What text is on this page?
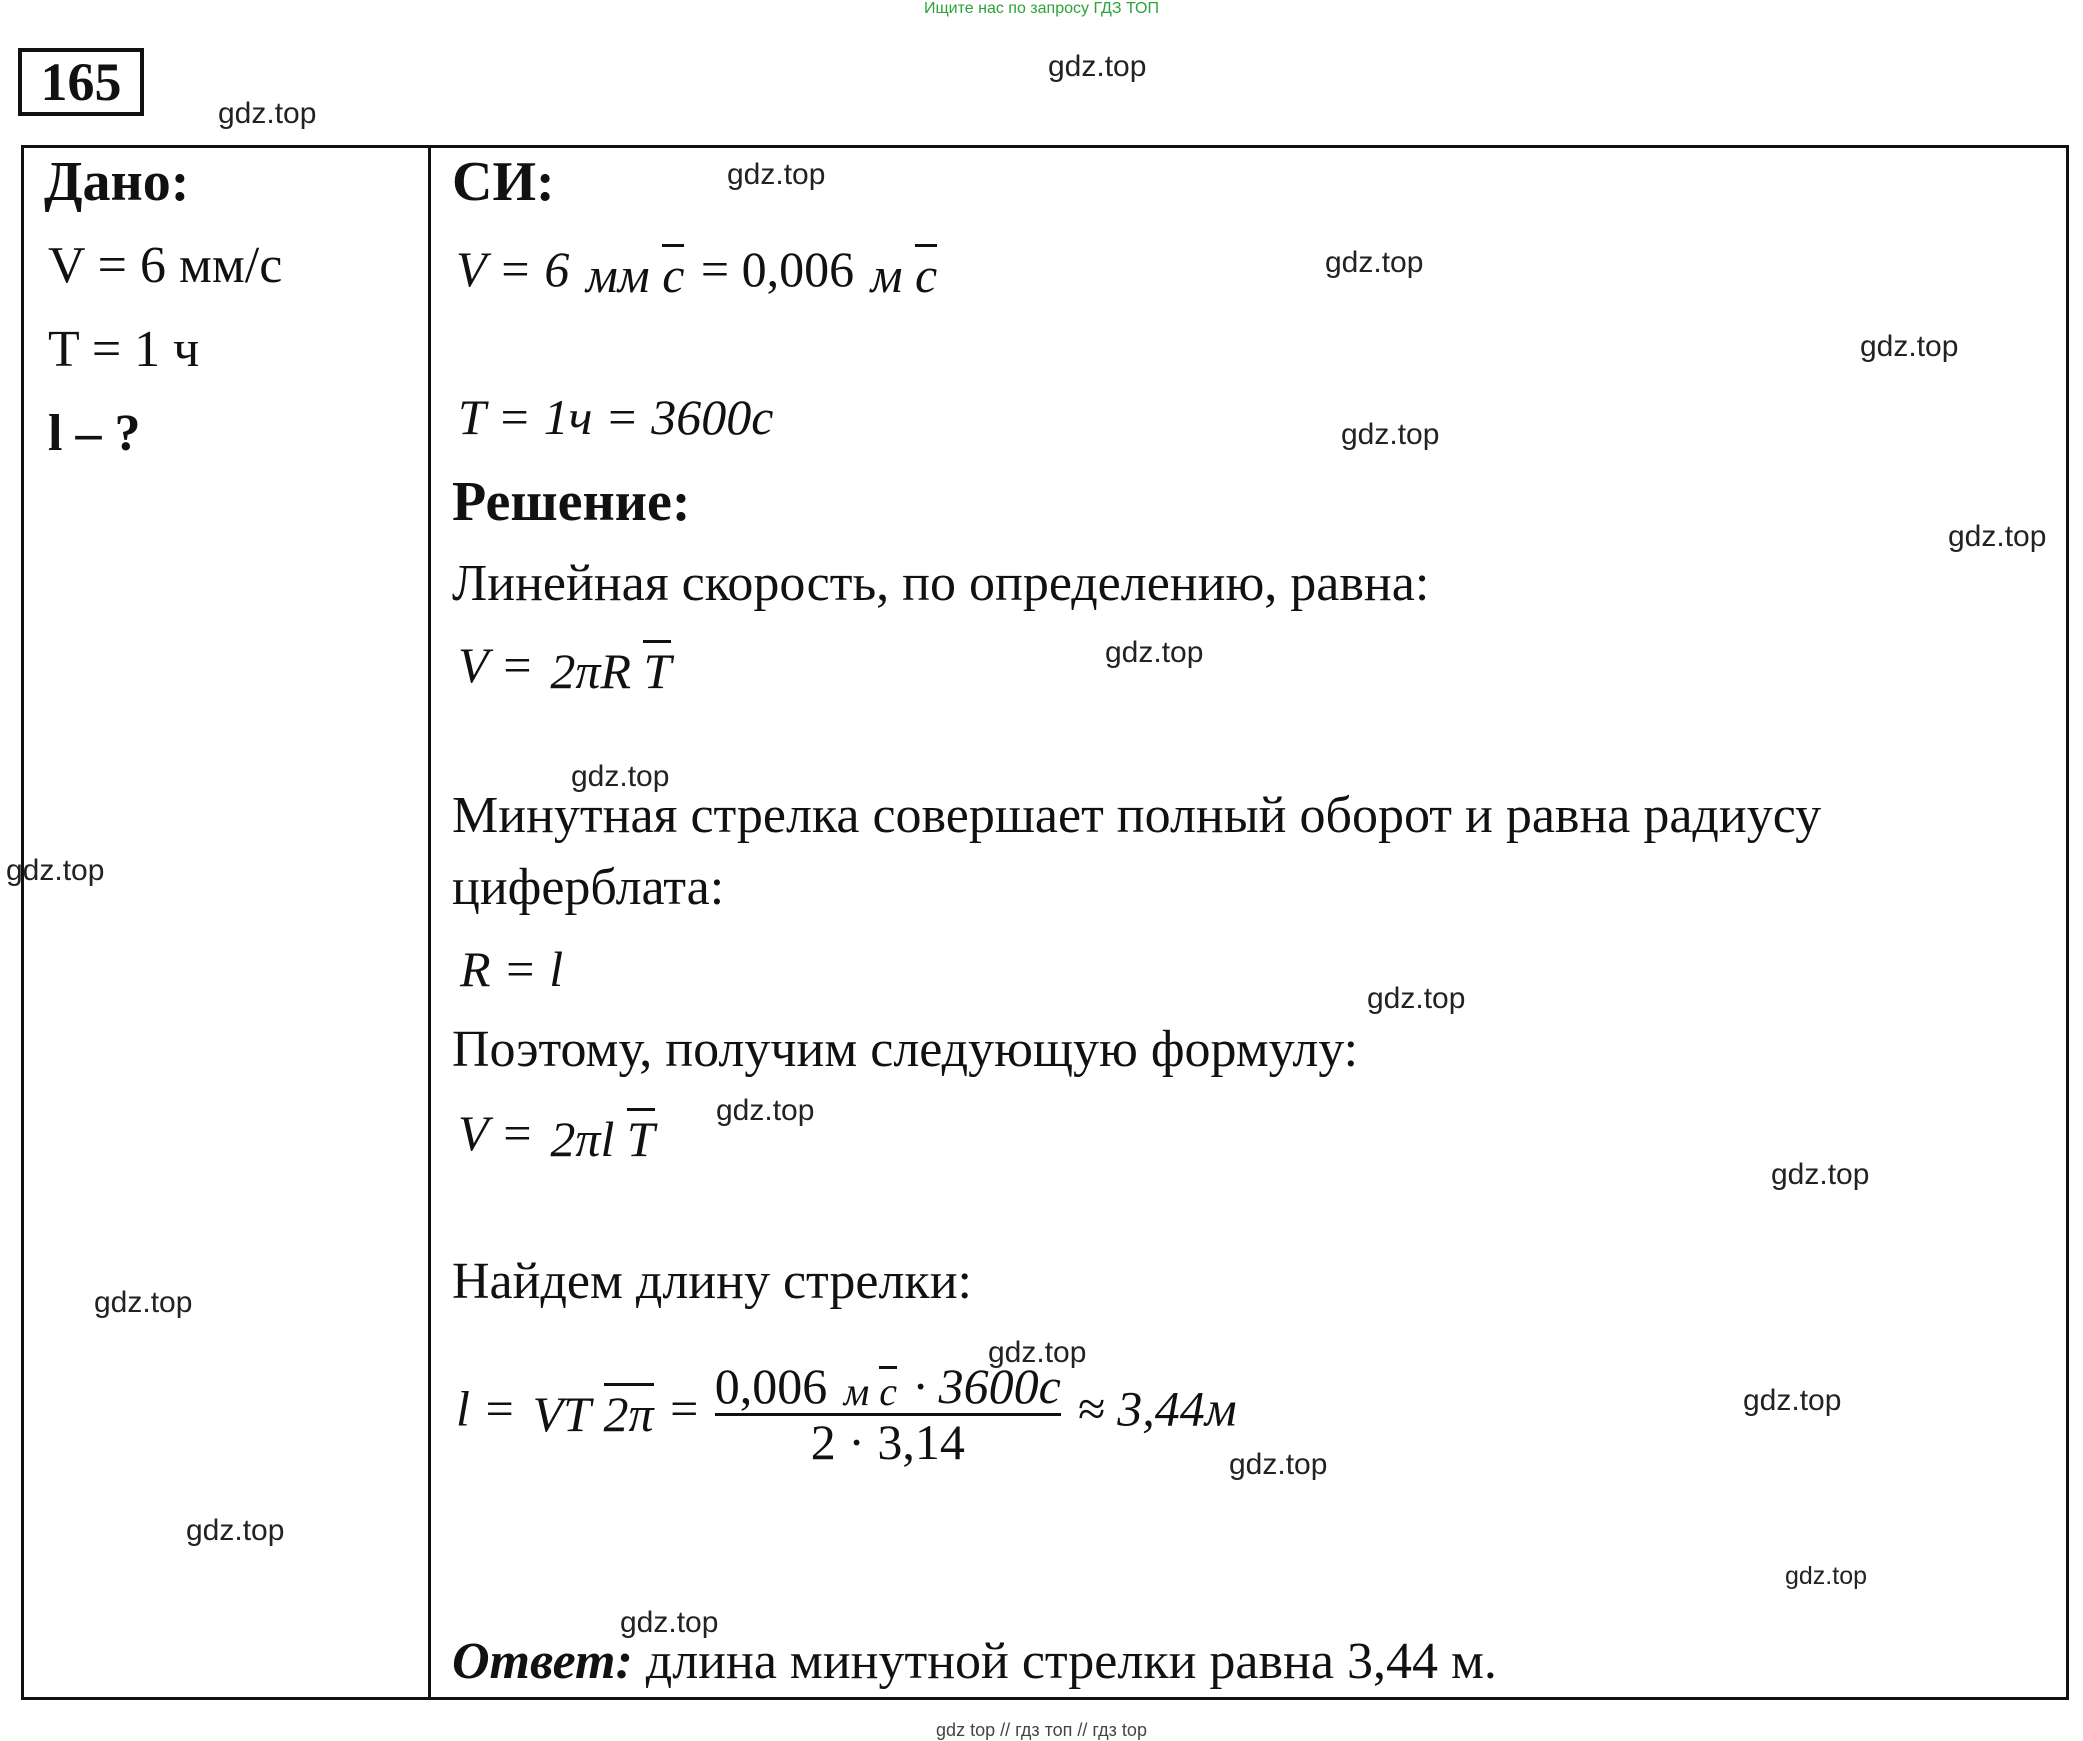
Ищите нас по запросу ГДЗ ТОП
165
Дано:
V = 6 мм/с
T = 1 ч
l – ?
СИ:
V = 6 мм с = 0,006 м с
T = 1ч = 3600с
Решение:
Линейная скорость, по определению, равна:
V = 2πR T
Минутная стрелка совершает полный оборот и равна радиусу
циферблата:
R = l
Поэтому, получим следующую формулу:
V = 2πl T
Найдем длину стрелки:
l = VT $2\pi = \frac{\text{0,006 м с · 3600с}}{2 \cdot 3,14} \approx 3,44м$
Ответ: длина минутной стрелки равна 3,44 м.
gdz.top
gdz.top
gdz.top
gdz.top
gdz.top
gdz.top
gdz.top
gdz.top
gdz.top
gdz.top
gdz.top
gdz.top
gdz.top
gdz.top
gdz.top
gdz.top
gdz.top
gdz.top
gdz.top
gdz.top
gdz top // гдз топ // гдз top
